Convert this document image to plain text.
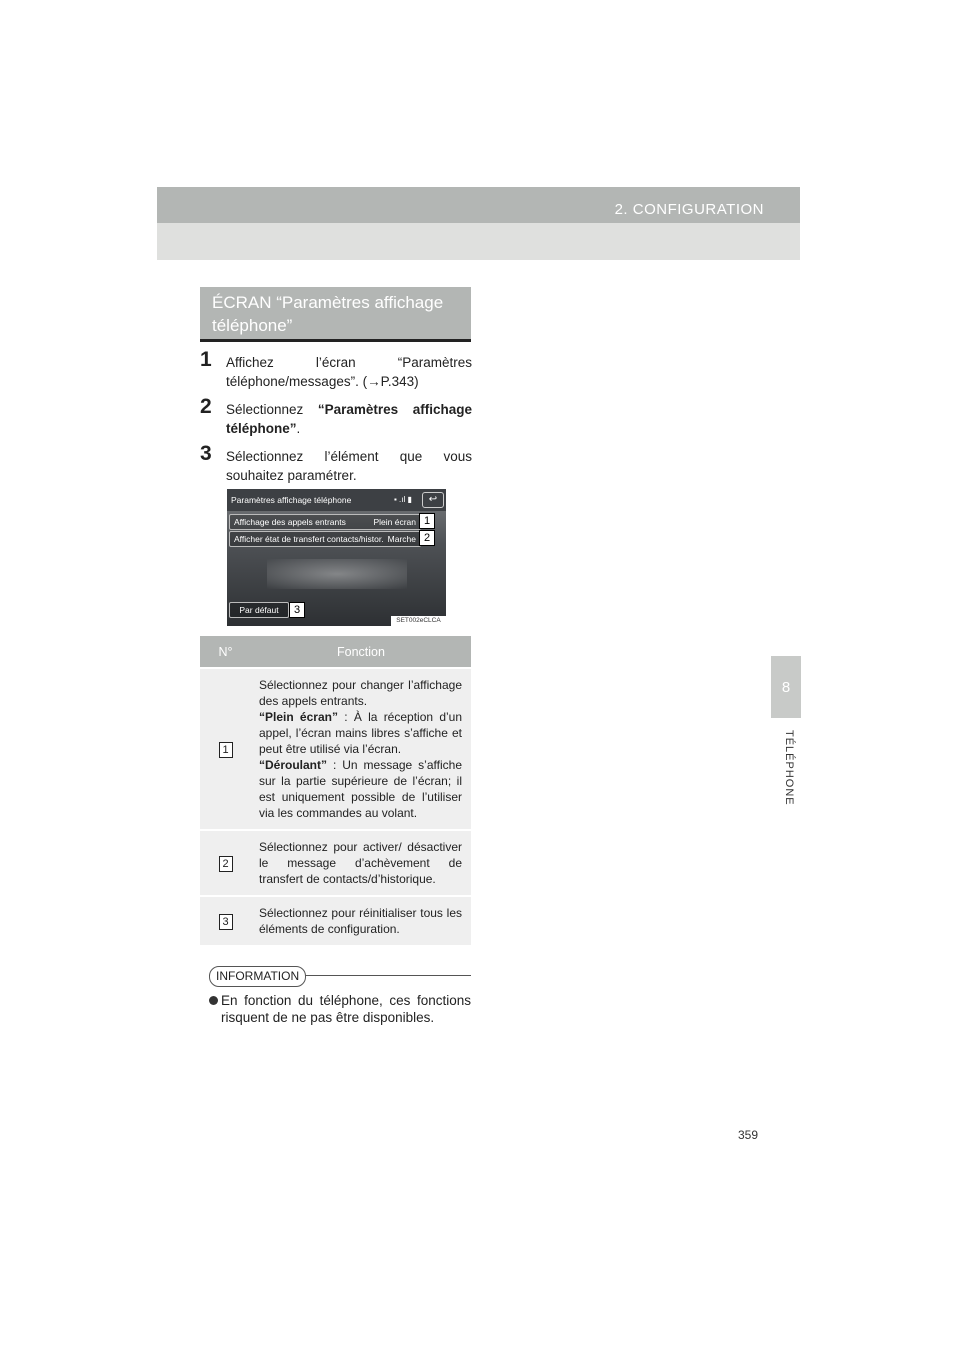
2. CONFIGURATION
8
TÉLÉPHONE
ÉCRAN “Paramètres affichage
téléphone”
1 Affichez l’écran “Paramètres téléphone/messages”. (→P.343)
2 Sélectionnez “Paramètres affichage téléphone”.
3 Sélectionnez l’élément que vous souhaitez paramétrer.
Paramètres affichage téléphone	▪ .ıl ▮	↩
Affichage des appels entrants	Plein écran
Afficher état de transfert contacts/histor. Marche
Par défaut
SET002eCLCA
1
2
3
N°	Fonction
1	Sélectionnez pour changer l’affichage des appels entrants.
“Plein écran” : À la réception d’un appel, l’écran mains libres s’affiche et peut être utilisé via l’écran.
“Déroulant” : Un message s’affiche sur la partie supérieure de l’écran; il est uniquement possible de l’utiliser via les commandes au volant.
2	Sélectionnez pour activer/ désactiver le message d’achèvement de transfert de contacts/d’historique.
3	Sélectionnez pour réinitialiser tous les éléments de configuration.
INFORMATION
En fonction du téléphone, ces fonctions risquent de ne pas être disponibles.
359
